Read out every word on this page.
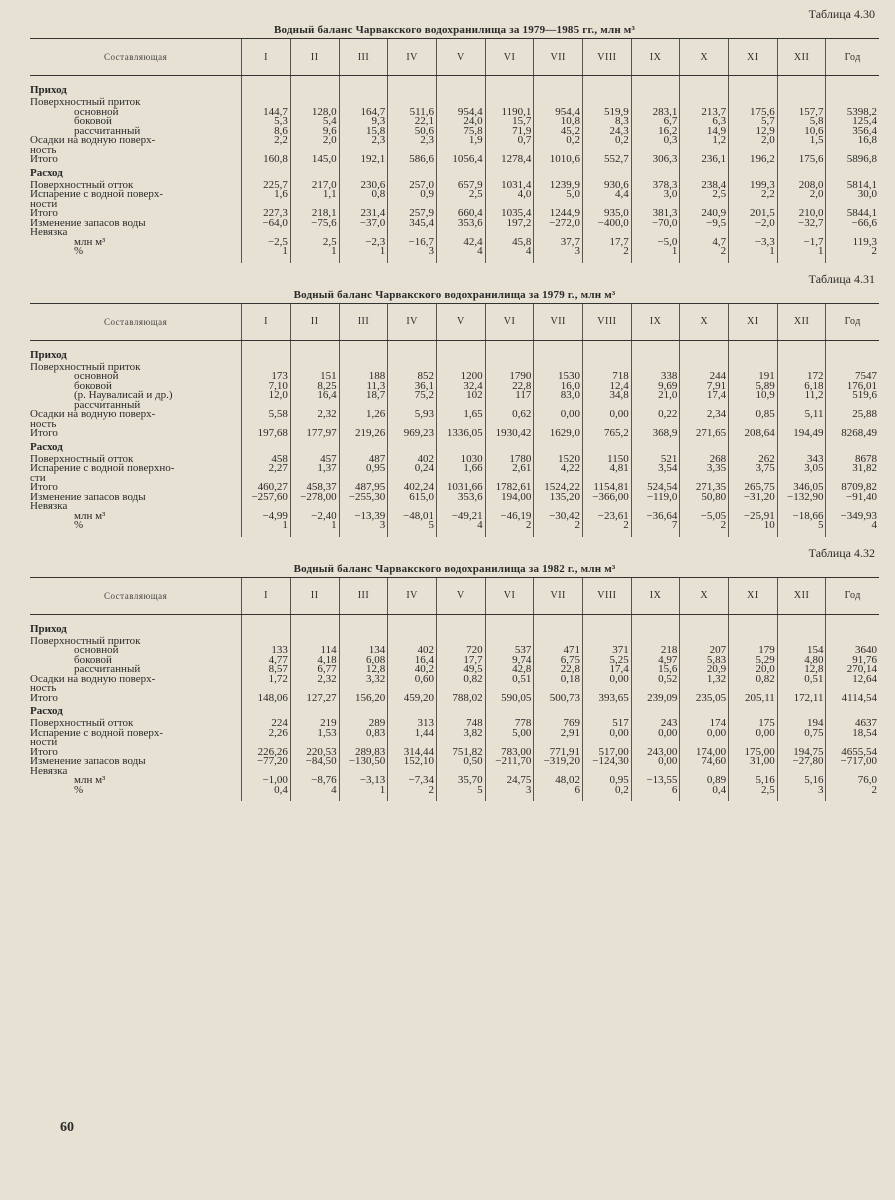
Таблица 4.30
Водный баланс Чарвакского водохранилища за 1979—1985 гг., млн м³
Составляющая	I	II	III	IV	V	VI	VII	VIII	IX	X	XI	XII	Год

Приход													
Поверхностный приток													
основной	144,7	128,0	164,7	511,6	954,4	1190,1	954,4	519,9	283,1	213,7	175,6	157,7	5398,2
боковой	5,3	5,4	9,3	22,1	24,0	15,7	10,8	8,3	6,7	6,3	5,7	5,8	125,4
рассчитанный	8,6	9,6	15,8	50,6	75,8	71,9	45,2	24,3	16,2	14,9	12,9	10,6	356,4
Осадки на водную поверх-	2,2	2,0	2,3	2,3	1,9	0,7	0,2	0,2	0,3	1,2	2,0	1,5	16,8
ность													
Итого	160,8	145,0	192,1	586,6	1056,4	1278,4	1010,6	552,7	306,3	236,1	196,2	175,6	5896,8
Расход													
Поверхностный отток	225,7	217,0	230,6	257,0	657,9	1031,4	1239,9	930,6	378,3	238,4	199,3	208,0	5814,1
Испарение с водной поверх-	1,6	1,1	0,8	0,9	2,5	4,0	5,0	4,4	3,0	2,5	2,2	2,0	30,0
ности													
Итого	227,3	218,1	231,4	257,9	660,4	1035,4	1244,9	935,0	381,3	240,9	201,5	210,0	5844,1
Изменение запасов воды	−64,0	−75,6	−37,0	345,4	353,6	197,2	−272,0	−400,0	−70,0	−9,5	−2,0	−32,7	−66,6
Невязка													
млн м³	−2,5	2,5	−2,3	−16,7	42,4	45,8	37,7	17,7	−5,0	4,7	−3,3	−1,7	119,3
%	1	1	1	3	4	4	3	2	1	2	1	1	2

Таблица 4.31
Водный баланс Чарвакского водохранилища за 1979 г., млн м³
Составляющая	I	II	III	IV	V	VI	VII	VIII	IX	X	XI	XII	Год

Приход													
Поверхностный приток													
основной	173	151	188	852	1200	1790	1530	718	338	244	191	172	7547
боковой	7,10	8,25	11,3	36,1	32,4	22,8	16,0	12,4	9,69	7,91	5,89	6,18	176,01
(р. Наувалисай и др.)	12,0	16,4	18,7	75,2	102	117	83,0	34,8	21,0	17,4	10,9	11,2	519,6
рассчитанный													
Осадки на водную поверх-	5,58	2,32	1,26	5,93	1,65	0,62	0,00	0,00	0,22	2,34	0,85	5,11	25,88
ность													
Итого	197,68	177,97	219,26	969,23	1336,05	1930,42	1629,0	765,2	368,9	271,65	208,64	194,49	8268,49
Расход													
Поверхностный отток	458	457	487	402	1030	1780	1520	1150	521	268	262	343	8678
Испарение с водной поверхно-	2,27	1,37	0,95	0,24	1,66	2,61	4,22	4,81	3,54	3,35	3,75	3,05	31,82
сти													
Итого	460,27	458,37	487,95	402,24	1031,66	1782,61	1524,22	1154,81	524,54	271,35	265,75	346,05	8709,82
Изменение запасов воды	−257,60	−278,00	−255,30	615,0	353,6	194,00	135,20	−366,00	−119,0	50,80	−31,20	−132,90	−91,40
Невязка													
млн м³	−4,99	−2,40	−13,39	−48,01	−49,21	−46,19	−30,42	−23,61	−36,64	−5,05	−25,91	−18,66	−349,93
%	1	1	3	5	4	2	2	2	7	2	10	5	4

Таблица 4.32
Водный баланс Чарвакского водохранилища за 1982 г., млн м³
Составляющая	I	II	III	IV	V	VI	VII	VIII	IX	X	XI	XII	Год

Приход													
Поверхностный приток													
основной	133	114	134	402	720	537	471	371	218	207	179	154	3640
боковой	4,77	4,18	6,08	16,4	17,7	9,74	6,75	5,25	4,97	5,83	5,29	4,80	91,76
рассчитанный	8,57	6,77	12,8	40,2	49,5	42,8	22,8	17,4	15,6	20,9	20,0	12,8	270,14
Осадки на водную поверх-	1,72	2,32	3,32	0,60	0,82	0,51	0,18	0,00	0,52	1,32	0,82	0,51	12,64
ность													
Итого	148,06	127,27	156,20	459,20	788,02	590,05	500,73	393,65	239,09	235,05	205,11	172,11	4114,54
Расход													
Поверхностный отток	224	219	289	313	748	778	769	517	243	174	175	194	4637
Испарение с водной поверх-	2,26	1,53	0,83	1,44	3,82	5,00	2,91	0,00	0,00	0,00	0,00	0,75	18,54
ности													
Итого	226,26	220,53	289,83	314,44	751,82	783,00	771,91	517,00	243,00	174,00	175,00	194,75	4655,54
Изменение запасов воды	−77,20	−84,50	−130,50	152,10	0,50	−211,70	−319,20	−124,30	0,00	74,60	31,00	−27,80	−717,00
Невязка													
млн м³	−1,00	−8,76	−3,13	−7,34	35,70	24,75	48,02	0,95	−13,55	0,89	5,16	5,16	76,0
%	0,4	4	1	2	5	3	6	0,2	6	0,4	2,5	3	2

60
